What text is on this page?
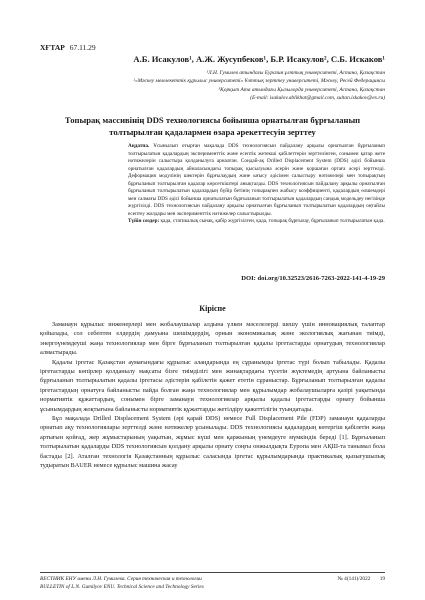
ХҒТАР 67.11.29
А.Б. Исакулов¹, А.Ж. Жусупбеков¹, Б.Р. Исакулов², С.Б. Искаков¹
¹Л.Н. Гумилев атындағы Еуразия ұлттық университеті, Астана, Қазақстан
²«Мәскеу мемлекеттік құрылыс университеті» Ұлттық зерттеу университеті, Мәскеу, Ресей Федерациясы
³Қорқыт Ата атындағы Қызылорда университеті, Астана, Қазақстан
(E-mail: isakulov.ablikhat@gmail.com, sultan.iskakov@ex.ru)
Топырақ массивінің DDS технологиясы бойынша орнатылған бұрғыланып толтырылған қадалармен өзара әрекеттесуін зерттеу
Аңдатпа. Ұсынылып отырған мақалада DDS технологиясын пайдалану арқылы орнатылған бұрғыланып толтырылатын қадалардың эксперименттік және есептік жетекші қабілеттерін зерттелінген, сонымен қатар жете нәтижелерін салыстыра қолданылуға арналған. Сондай-ақ Drilled Displacement System (DDS) әдісі бойынша орнатылған қадалардың айналасындағы топырақ қысылуына әсерін және қоршаған ортаға әсері зерттелді. Деформация модулінің шектерін бұрғылаудың және ығысу әдісімен салыстыру нәтижелері мен топырақтың бұрғыланып толтырылған қадалар көрсеткіштері анықталды. DDS технологиясын пайдалану арқылы орнатылған бұрғыланып толтырылатын қадалардың бүйір бетінің топырақпен жабысу коэффициенті, қадалардың өлшемдері мен салмағы DDS әдісі бойынша орнатылатын бұрғыланып толтырылатын қадалардың сандық модельдеу негізінде жүргізілді. DDS технологиясын пайдалану арқылы орнатылған бұрғыланып толтырылатын қадалардың оңтайлы есептеу жолдары мен эксперименттік нәтижелер салыстырылды.
Түйін сөздер: қада, статикалық сынақ, қабір жүргізілген, қада, топырақ бұрғылау, бұрғыланып толтырылатын қада.
DOI: doi.org/10.32523/2616-7263-2022-141-4-19-29
Кіріспе

Заманауи құрылыс инженерлері мен жобалаушылар алдына үлкен мәселелерді шешу үшін инновациялық талаптар қойылады, сол себептен елдердің дамуына шешімдердің, орнын экономикалық және экологиялық жағынан тиімді, энергоүнемдеуші жаңа технологиялар мен бірге бұрғыланып толтырылған қадалы іргетастарды орнатудың технологиялар алмастырады.

Қадалы іргетас Қазақстан аумағындағы құрылыс алаңдарында ең сұранымды іргетас түрі болып табылады. Қадалы іргетастарды көпірлер қолданылу мақсаты бізге тиімділігі мен жинақтардағы түсетін жүктемедің артуына байланысты бұрғыланып толтырылатын қадалы іргетасы әдістерін қабілетін қажет ететін сұраныстар. Бұрғыланып толтырылған қадалы іргетастардың орнатуға байланысты пайда болған жаңа технологиялар мен құрылымдар жобалаушыларға қазірі уақытында нормативтік құжаттардың, сонымен бірге заманауи технологиялар арқылы қадалы іргетастарды орнату бойынша ұсынымдардың жоқтығына байланысты нормативтік құжаттарды жетілдіру қажеттілігін туындатады.

Бұл мақалада Drilled Displacement System (әрі қарай DDS) немесе Full Displacement Pile (FDP) заманауи қадаларды орнатып ақу технологиялары зерттелді және нәтижелер ұсынылады. DDS технологиясы қадалардың көтергіш қабілетін жаңа артығын қойғад, жер жұмыстарының уақытын, жұмыс күші мен қаржының үнемдеуге мүмкіндік береді [1]. Бұрғыланып толтырылатын қадаларды DDS технологиясын қолдану арқылы орнату соңғы онжылдықта Еуропа мен АҚШ-та танымал бола бастады [2]. Аталған технологія Қазақстанның құрылыс саласында іргетас құрылымдарында практикалық қызығушылық тудыратын BAUER немесе құрылыс машина жасау

ВЕСТНИК ЕНУ имени Л.Н. Гумилева. Серия техническая и технологии
BULLETIN of L.N. Gumilyov ENU. Technical Science and Technology Series
№ 4(141)/2022 19
